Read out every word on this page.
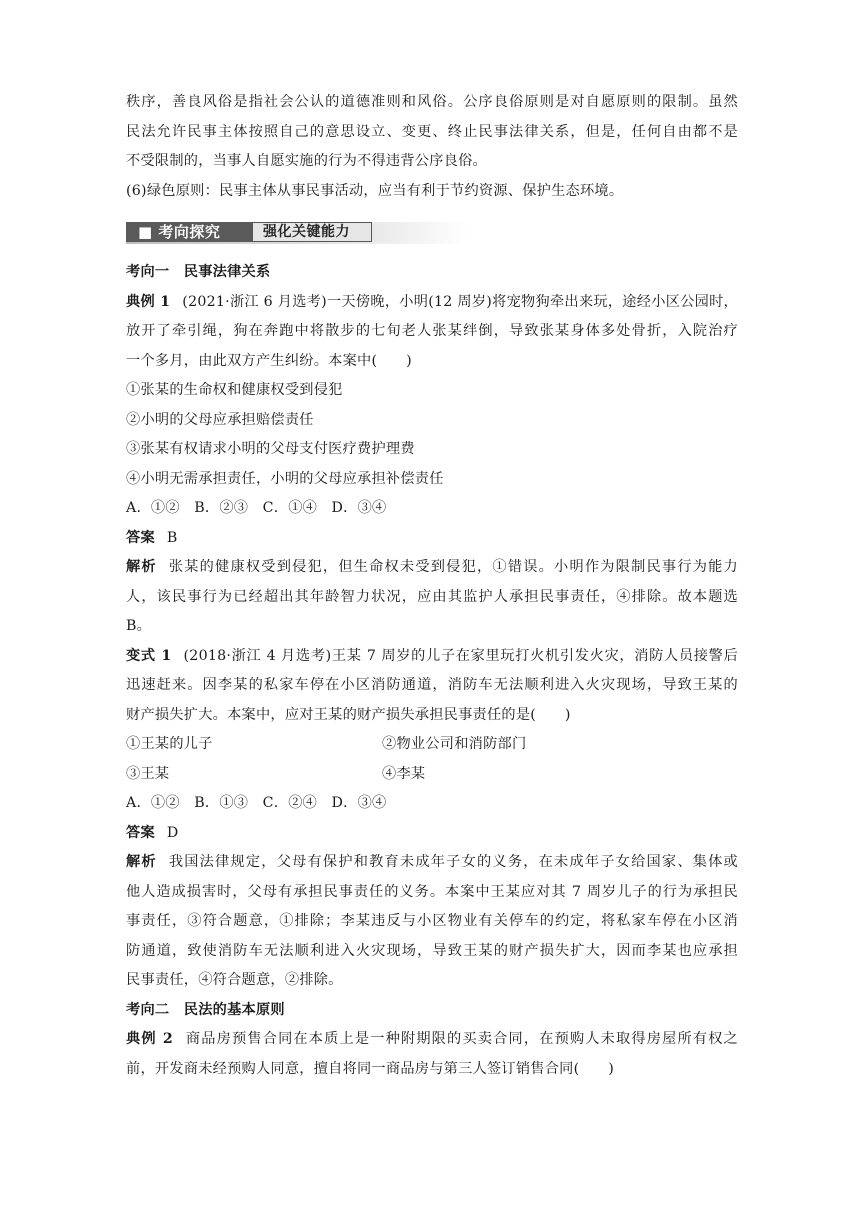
秩序，善良风俗是指社会公认的道德准则和风俗。公序良俗原则是对自愿原则的限制。虽然
民法允许民事主体按照自己的意思设立、变更、终止民事法律关系，但是，任何自由都不是
不受限制的，当事人自愿实施的行为不得违背公序良俗。
(6)绿色原则：民事主体从事民事活动，应当有利于节约资源、保护生态环境。
■ 考向探究	强化关键能力
考向一　民事法律关系
典例 1 (2021·浙江 6 月选考)一天傍晚，小明(12 周岁)将宠物狗牵出来玩，途经小区公园时，
放开了牵引绳，狗在奔跑中将散步的七旬老人张某绊倒，导致张某身体多处骨折，入院治疗
一个多月，由此双方产生纠纷。本案中(　　)
①张某的生命权和健康权受到侵犯
②小明的父母应承担赔偿责任
③张某有权请求小明的父母支付医疗费护理费
④小明无需承担责任，小明的父母应承担补偿责任
A．①②　B．②③　C．①④　D．③④
答案 B
解析 张某的健康权受到侵犯，但生命权未受到侵犯，①错误。小明作为限制民事行为能力
人，该民事行为已经超出其年龄智力状况，应由其监护人承担民事责任，④排除。故本题选
B。
变式 1 (2018·浙江 4 月选考)王某 7 周岁的儿子在家里玩打火机引发火灾，消防人员接警后
迅速赶来。因李某的私家车停在小区消防通道，消防车无法顺利进入火灾现场，导致王某的
财产损失扩大。本案中，应对王某的财产损失承担民事责任的是(　　)
①王某的儿子	②物业公司和消防部门
③王某	④李某
A．①②　B．①③　C．②④　D．③④
答案 D
解析 我国法律规定，父母有保护和教育未成年子女的义务，在未成年子女给国家、集体或
他人造成损害时，父母有承担民事责任的义务。本案中王某应对其 7 周岁儿子的行为承担民
事责任，③符合题意，①排除；李某违反与小区物业有关停车的约定，将私家车停在小区消
防通道，致使消防车无法顺利进入火灾现场，导致王某的财产损失扩大，因而李某也应承担
民事责任，④符合题意，②排除。
考向二　民法的基本原则
典例 2 商品房预售合同在本质上是一种附期限的买卖合同，在预购人未取得房屋所有权之
前，开发商未经预购人同意，擅自将同一商品房与第三人签订销售合同(　　)
